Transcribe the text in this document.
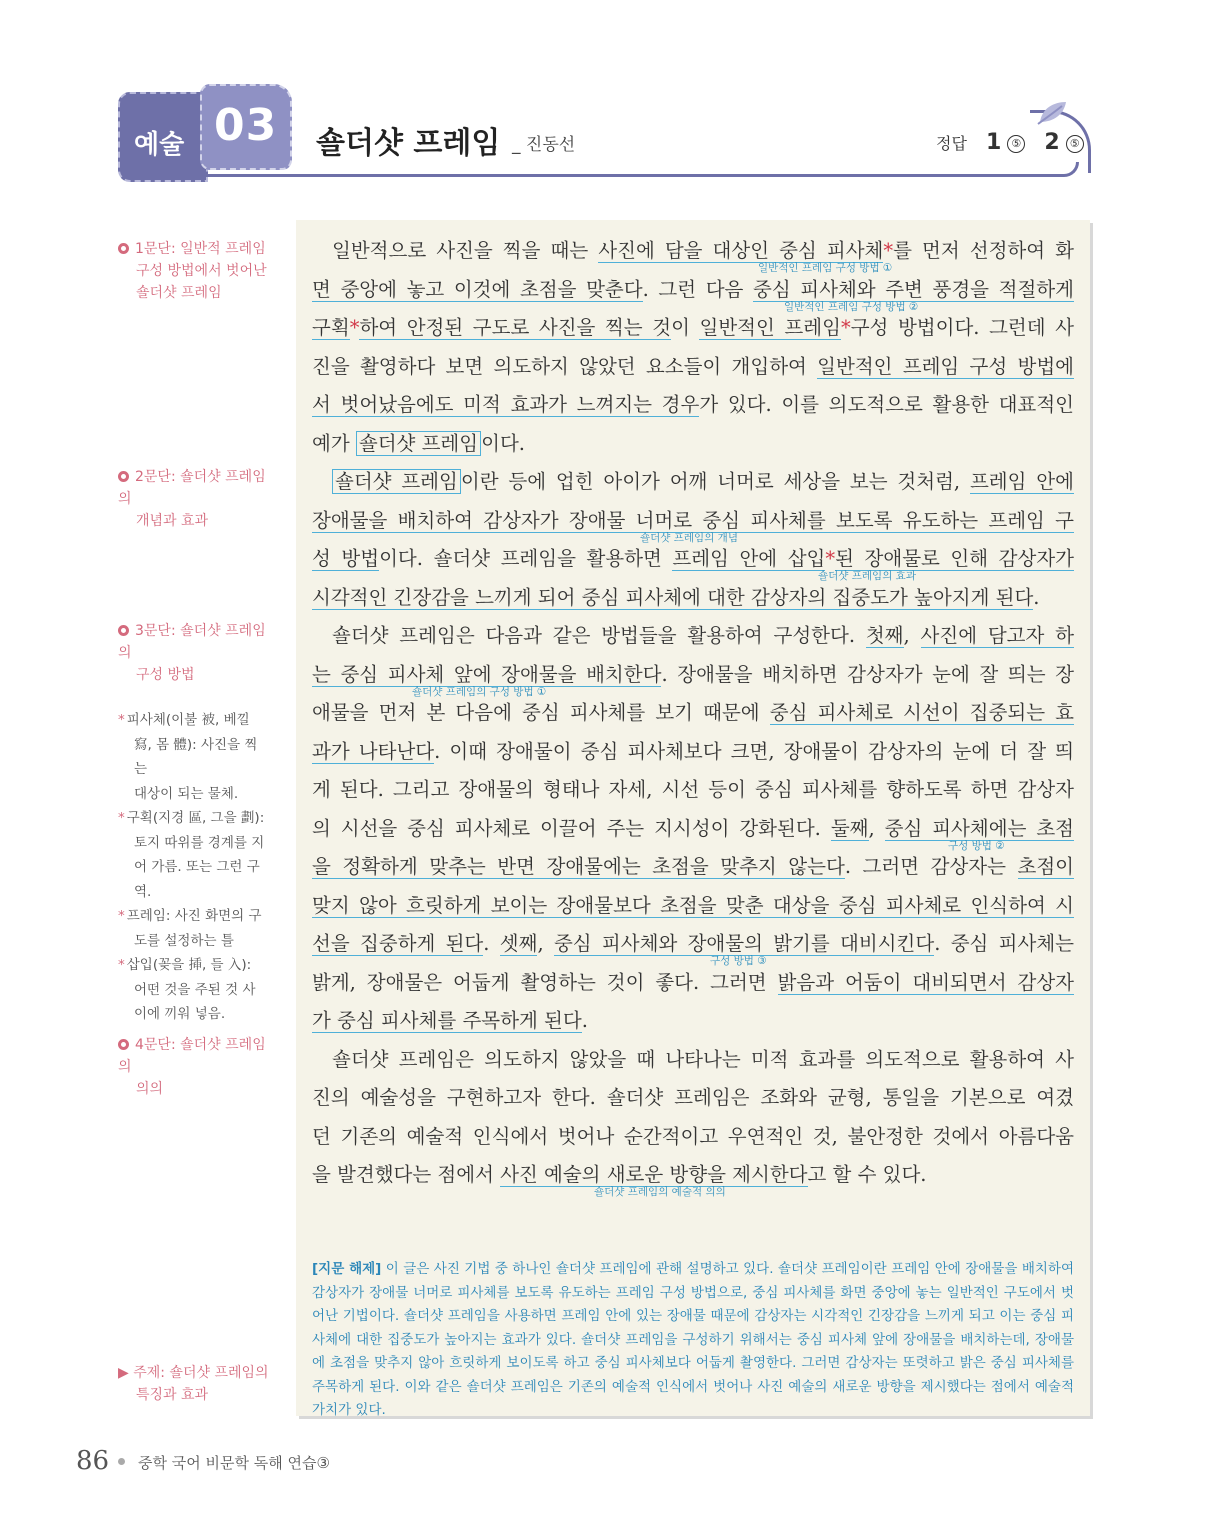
예술 03 숄더샷 프레임 _ 진동선	정답 1 ⑤ 2 ⑤
1문단: 일반적 프레임
구성 방법에서 벗어난
숄더샷 프레임
2문단: 숄더샷 프레임의
개념과 효과
3문단: 숄더샷 프레임의
구성 방법
4문단: 숄더샷 프레임의
의의
* 피사체(이불 被, 베낄
寫, 몸 體): 사진을 찍는
대상이 되는 물체.
* 구획(지경 區, 그을 劃):
토지 따위를 경계를 지
어 가름. 또는 그런 구
역.
* 프레임: 사진 화면의 구
도를 설정하는 틀
* 삽입(꽂을 揷, 들 入):
어떤 것을 주된 것 사
이에 끼워 넣음.
▶ 주제: 숄더샷 프레임의
특징과 효과
일반적으로 사진을 찍을 때는 사진에 담을 대상인 중심 피사체*를 먼저 선정하여 화
일반적인 프레임 구성 방법 ①
면 중앙에 놓고 이것에 초점을 맞춘다. 그런 다음 중심 피사체와 주변 풍경을 적절하게
일반적인 프레임 구성 방법 ②
구획*하여 안정된 구도로 사진을 찍는 것이 일반적인 프레임*구성 방법이다. 그런데 사
진을 촬영하다 보면 의도하지 않았던 요소들이 개입하여 일반적인 프레임 구성 방법에
서 벗어났음에도 미적 효과가 느껴지는 경우가 있다. 이를 의도적으로 활용한 대표적인
예가 숄더샷 프레임 이다.
숄더샷 프레임 이란 등에 업힌 아이가 어깨 너머로 세상을 보는 것처럼, 프레임 안에
장애물을 배치하여 감상자가 장애물 너머로 중심 피사체를 보도록 유도하는 프레임 구
숄더샷 프레임의 개념
성 방법이다. 숄더샷 프레임을 활용하면 프레임 안에 삽입*된 장애물로 인해 감상자가
숄더샷 프레임의 효과
시각적인 긴장감을 느끼게 되어 중심 피사체에 대한 감상자의 집중도가 높아지게 된다.
숄더샷 프레임은 다음과 같은 방법들을 활용하여 구성한다. 첫째, 사진에 담고자 하
는 중심 피사체 앞에 장애물을 배치한다. 장애물을 배치하면 감상자가 눈에 잘 띄는 장
숄더샷 프레임의 구성 방법 ①
애물을 먼저 본 다음에 중심 피사체를 보기 때문에 중심 피사체로 시선이 집중되는 효
과가 나타난다. 이때 장애물이 중심 피사체보다 크면, 장애물이 감상자의 눈에 더 잘 띄
게 된다. 그리고 장애물의 형태나 자세, 시선 등이 중심 피사체를 향하도록 하면 감상자
의 시선을 중심 피사체로 이끌어 주는 지시성이 강화된다. 둘째, 중심 피사체에는 초점
구성 방법 ②
을 정확하게 맞추는 반면 장애물에는 초점을 맞추지 않는다. 그러면 감상자는 초점이
맞지 않아 흐릿하게 보이는 장애물보다 초점을 맞춘 대상을 중심 피사체로 인식하여 시
선을 집중하게 된다. 셋째, 중심 피사체와 장애물의 밝기를 대비시킨다. 중심 피사체는
구성 방법 ③
밝게, 장애물은 어둡게 촬영하는 것이 좋다. 그러면 밝음과 어둠이 대비되면서 감상자
가 중심 피사체를 주목하게 된다.
숄더샷 프레임은 의도하지 않았을 때 나타나는 미적 효과를 의도적으로 활용하여 사
진의 예술성을 구현하고자 한다. 숄더샷 프레임은 조화와 균형, 통일을 기본으로 여겼
던 기존의 예술적 인식에서 벗어나 순간적이고 우연적인 것, 불안정한 것에서 아름다움
을 발견했다는 점에서 사진 예술의 새로운 방향을 제시한다고 할 수 있다.
숄더샷 프레임의 예술적 의의
[지문 해제] 이 글은 사진 기법 중 하나인 숄더샷 프레임에 관해 설명하고 있다. 숄더샷 프레임이란 프레임 안에 장애물을 배치하여 감상자가 장애물 너머로 피사체를 보도록 유도하는 프레임 구성 방법으로, 중심 피사체를 화면 중앙에 놓는 일반적인 구도에서 벗어난 기법이다. 숄더샷 프레임을 사용하면 프레임 안에 있는 장애물 때문에 감상자는 시각적인 긴장감을 느끼게 되고 이는 중심 피사체에 대한 집중도가 높아지는 효과가 있다. 숄더샷 프레임을 구성하기 위해서는 중심 피사체 앞에 장애물을 배치하는데, 장애물에 초점을 맞추지 않아 흐릿하게 보이도록 하고 중심 피사체보다 어둡게 촬영한다. 그러면 감상자는 또렷하고 밝은 중심 피사체를 주목하게 된다. 이와 같은 숄더샷 프레임은 기존의 예술적 인식에서 벗어나 사진 예술의 새로운 방향을 제시했다는 점에서 예술적 가치가 있다.
86 중학 국어 비문학 독해 연습③
